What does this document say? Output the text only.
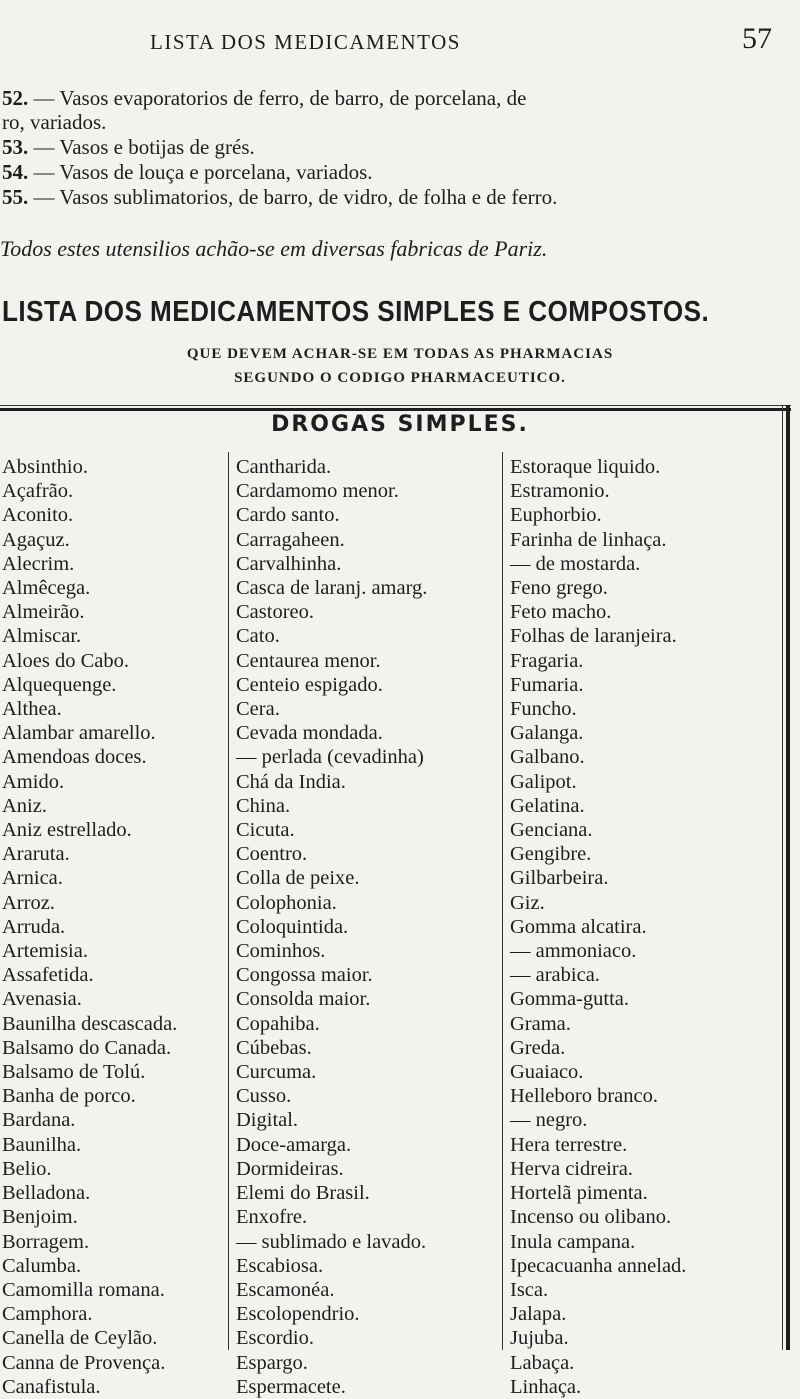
LISTA DOS MEDICAMENTOS	57
52. — Vasos evaporatorios de ferro, de barro, de porcelana, de
ro, variados.
53. — Vasos e botijas de grés.
54. — Vasos de louça e porcelana, variados.
55. — Vasos sublimatorios, de barro, de vidro, de folha e de ferro.
Todos estes utensilios achão-se em diversas fabricas de Pariz.
LISTA DOS MEDICAMENTOS SIMPLES E COMPOSTOS.
QUE DEVEM ACHAR-SE EM TODAS AS PHARMACIAS
SEGUNDO O CODIGO PHARMACEUTICO.
DROGAS SIMPLES.
Absinthio.
Açafrão.
Aconito.
Agaçuz.
Alecrim.
Almêcega.
Almeirão.
Almiscar.
Aloes do Cabo.
Alquequenge.
Althea.
Alambar amarello.
Amendoas doces.
Amido.
Aniz.
Aniz estrellado.
Araruta.
Arnica.
Arroz.
Arruda.
Artemisia.
Assafetida.
Avenasia.
Baunilha descascada.
Balsamo do Canada.
Balsamo de Tolú.
Banha de porco.
Bardana.
Baunilha.
Belio.
Belladona.
Benjoim.
Borragem.
Calumba.
Camomilla romana.
Camphora.
Canella de Ceylão.
Canna de Provença.
Canafistula.
Cantharida.
Cardamomo menor.
Cardo santo.
Carragaheen.
Carvalhinha.
Casca de laranj. amarg.
Castoreo.
Cato.
Centaurea menor.
Centeio espigado.
Cera.
Cevada mondada.
— perlada (cevadinha)
Chá da India.
China.
Cicuta.
Coentro.
Colla de peixe.
Colophonia.
Coloquintida.
Cominhos.
Congossa maior.
Consolda maior.
Copahiba.
Cúbebas.
Curcuma.
Cusso.
Digital.
Doce-amarga.
Dormideiras.
Elemi do Brasil.
Enxofre.
— sublimado e lavado.
Escabiosa.
Escamonéa.
Escolopendrio.
Escordio.
Espargo.
Espermacete.
Estoraque liquido.
Estramonio.
Euphorbio.
Farinha de linhaça.
— de mostarda.
Feno grego.
Feto macho.
Folhas de laranjeira.
Fragaria.
Fumaria.
Funcho.
Galanga.
Galbano.
Galipot.
Gelatina.
Genciana.
Gengibre.
Gilbarbeira.
Giz.
Gomma alcatira.
— ammoniaco.
— arabica.
Gomma-gutta.
Grama.
Greda.
Guaiaco.
Helleboro branco.
— negro.
Hera terrestre.
Herva cidreira.
Hortelã pimenta.
Incenso ou olibano.
Inula campana.
Ipecacuanha annelad.
Isca.
Jalapa.
Jujuba.
Labaça.
Linhaça.
